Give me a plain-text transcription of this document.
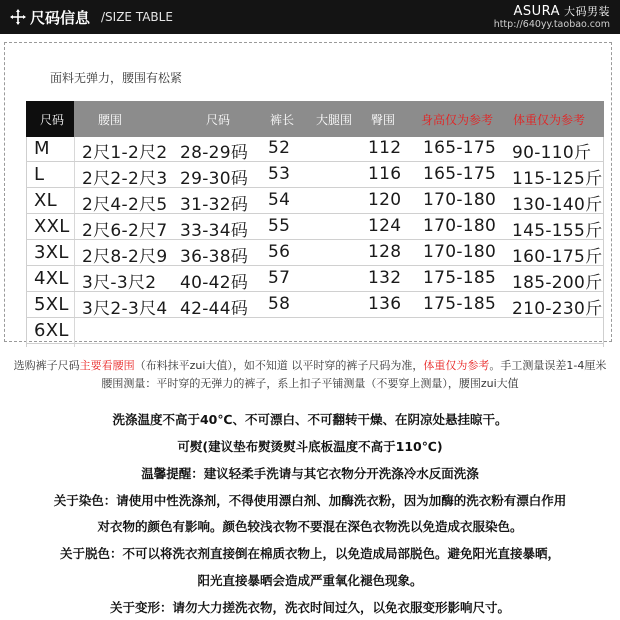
尺码信息 /SIZE TABLE	ASURA 大码男装
http://640yy.taobao.com
面料无弹力，腰围有松紧
尺码	腰围	尺码	裤长 大腿围 臀围 身高仅为参考 体重仅为参考
M 2尺1-2尺2 28-29码 52	112 165-175 90-110斤
L 2尺2-2尺3 29-30码 53	116 165-175 115-125斤
XL 2尺4-2尺5 31-32码 54	120 170-180 130-140斤
XXL 2尺6-2尺7 33-34码 55	124 170-180 145-155斤
3XL 2尺8-2尺9 36-38码 56	128 170-180 160-175斤
4XL 3尺-3尺2 40-42码 57	132 175-185 185-200斤
5XL 3尺2-3尺4 42-44码 58	136 175-185 210-230斤
6XL
选购裤子尺码主要看腰围（布料抹平zui大值），如不知道 以平时穿的裤子尺码为准，体重仅为参考。手工测量误差1-4厘米
腰围测量：平时穿的无弹力的裤子，系上扣子平铺测量（不要穿上测量），腰围zui大值
洗涤温度不高于40℃、不可漂白、不可翻转干燥、在阴凉处悬挂晾干。
可熨(建议垫布熨烫熨斗底板温度不高于110℃)
温馨提醒：建议轻柔手洗请与其它衣物分开洗涤冷水反面洗涤
关于染色：请使用中性洗涤剂，不得使用漂白剂、加酶洗衣粉，因为加酶的洗衣粉有漂白作用
对衣物的颜色有影响。颜色较浅衣物不要混在深色衣物洗以免造成衣服染色。
关于脱色：不可以将洗衣剂直接倒在棉质衣物上，以免造成局部脱色。避免阳光直接暴晒，
阳光直接暴晒会造成严重氧化褪色现象。
关于变形：请勿大力搓洗衣物，洗衣时间过久，以免衣服变形影响尺寸。
